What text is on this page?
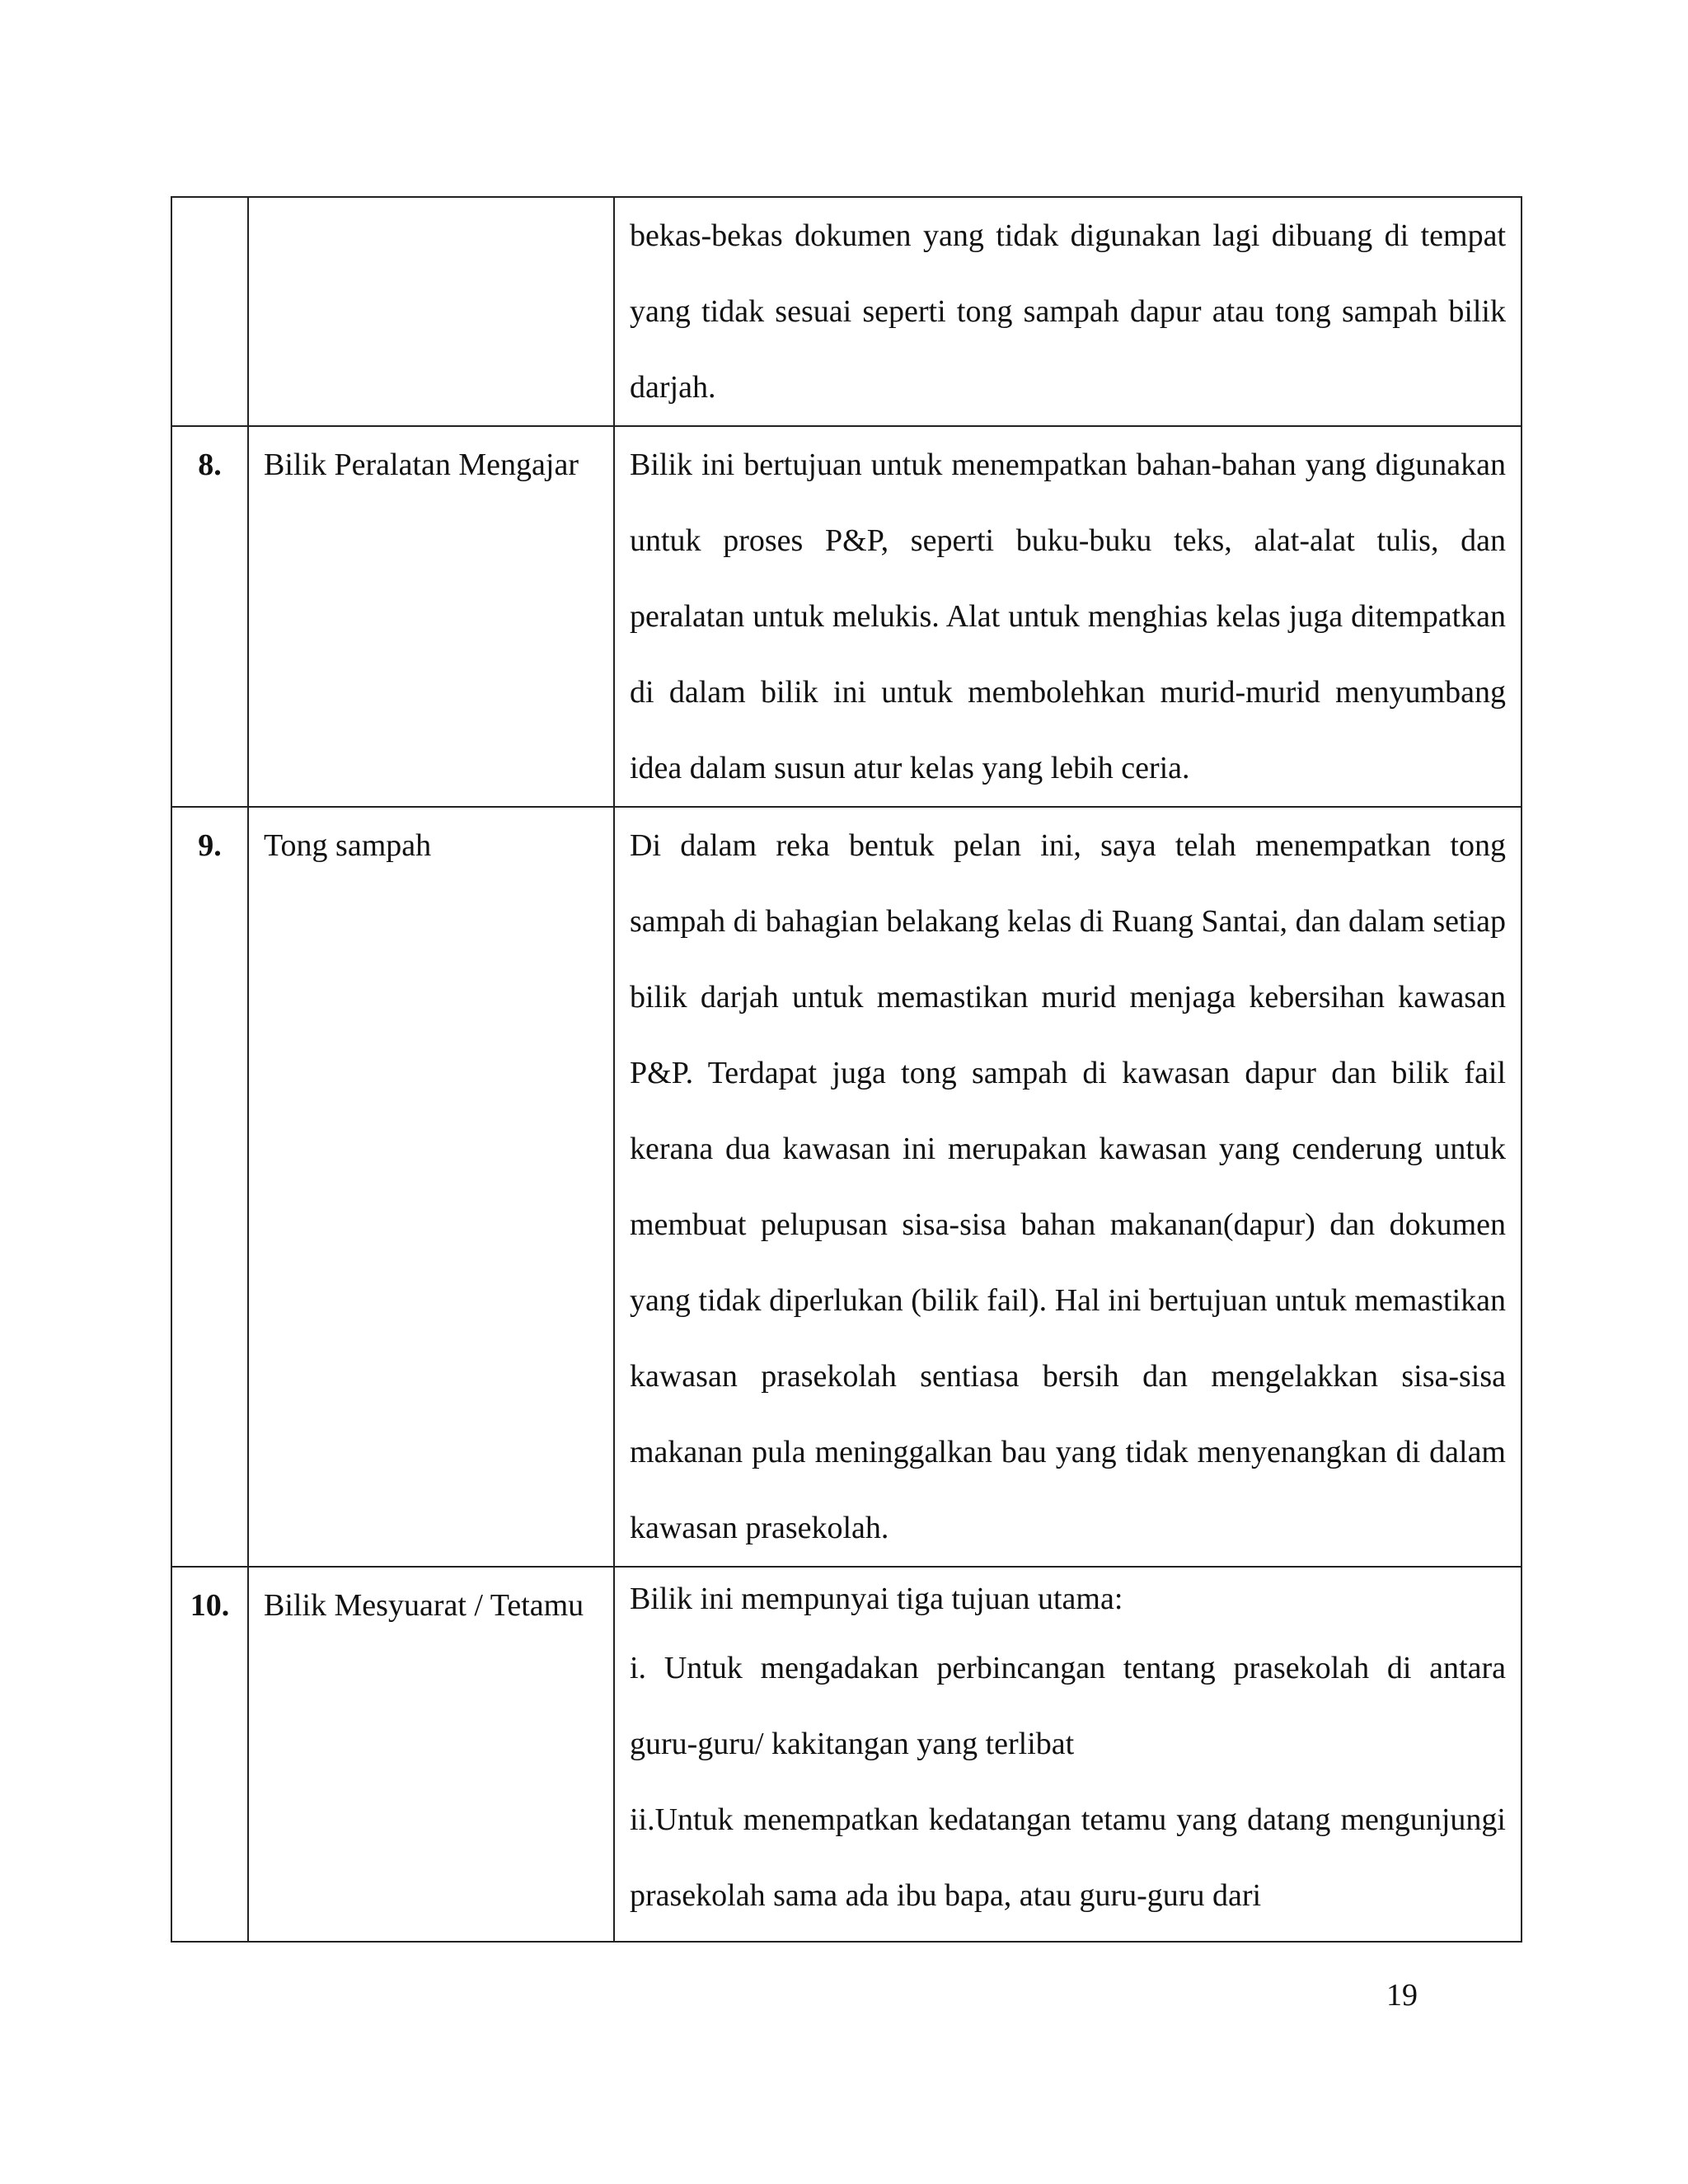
		bekas-bekas dokumen yang tidak digunakan lagi dibuang di tempat yang tidak sesuai seperti tong sampah dapur atau tong sampah bilik darjah.

8.	Bilik Peralatan Mengajar	Bilik ini bertujuan untuk menempatkan bahan-bahan yang digunakan untuk proses P&P, seperti buku-buku teks, alat-alat tulis, dan peralatan untuk melukis. Alat untuk menghias kelas juga ditempatkan di dalam bilik ini untuk membolehkan murid-murid menyumbang idea dalam susun atur kelas yang lebih ceria.

9.	Tong sampah	Di dalam reka bentuk pelan ini, saya telah menempatkan tong sampah di bahagian belakang kelas di Ruang Santai, dan dalam setiap bilik darjah untuk memastikan murid menjaga kebersihan kawasan P&P. Terdapat juga tong sampah di kawasan dapur dan bilik fail kerana dua kawasan ini merupakan kawasan yang cenderung untuk membuat pelupusan sisa-sisa bahan makanan(dapur) dan dokumen yang tidak diperlukan (bilik fail). Hal ini bertujuan untuk memastikan kawasan prasekolah sentiasa bersih dan mengelakkan sisa-sisa makanan pula meninggalkan bau yang tidak menyenangkan di dalam kawasan prasekolah.

10.	Bilik Mesyuarat / Tetamu	Bilik ini mempunyai tiga tujuan utama:

i. Untuk mengadakan perbincangan tentang prasekolah di antara guru-guru/ kakitangan yang terlibat

ii.Untuk menempatkan kedatangan tetamu yang datang mengunjungi prasekolah sama ada ibu bapa, atau guru-guru dari

19
